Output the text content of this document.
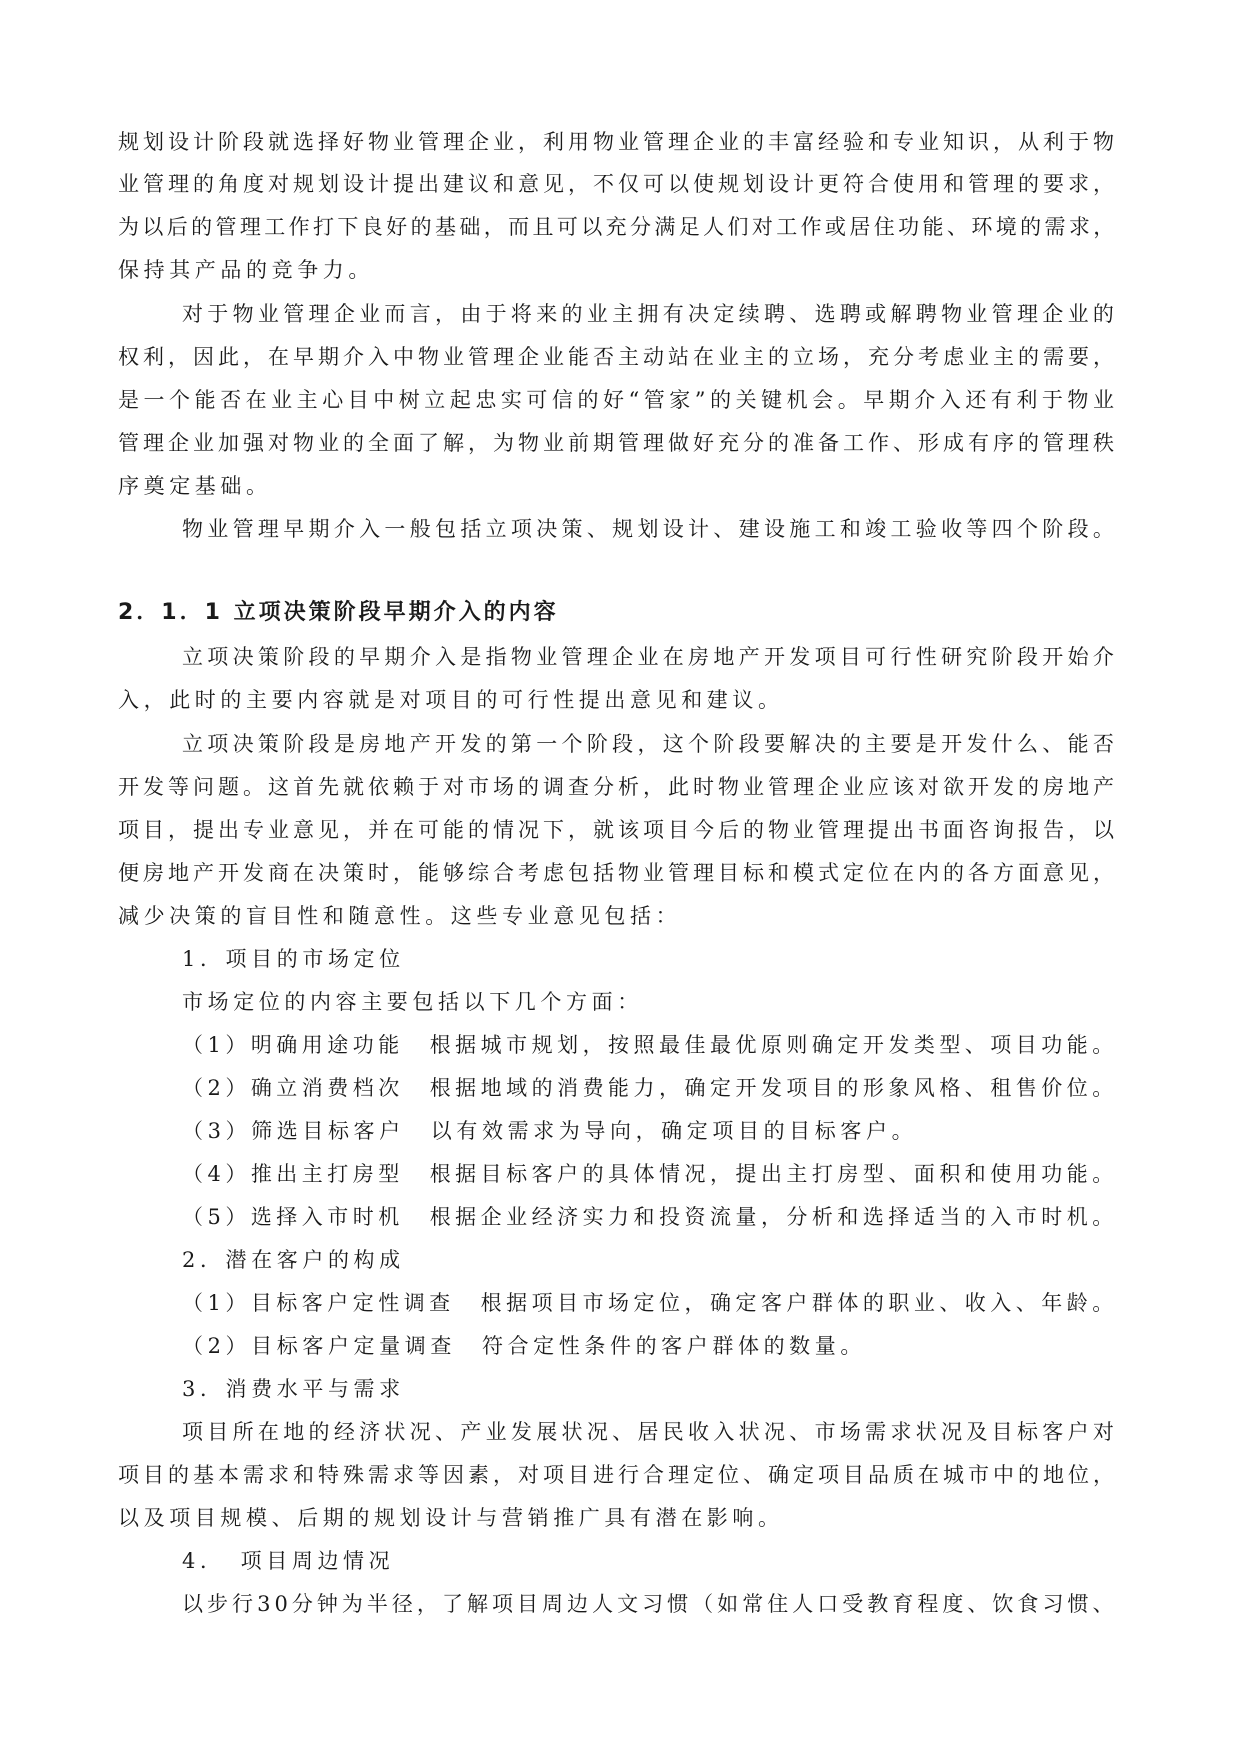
规划设计阶段就选择好物业管理企业，利用物业管理企业的丰富经验和专业知识，从利于物
业管理的角度对规划设计提出建议和意见，不仅可以使规划设计更符合使用和管理的要求，
为以后的管理工作打下良好的基础，而且可以充分满足人们对工作或居住功能、环境的需求，
保持其产品的竞争力。
对于物业管理企业而言，由于将来的业主拥有决定续聘、选聘或解聘物业管理企业的
权利，因此，在早期介入中物业管理企业能否主动站在业主的立场，充分考虑业主的需要，
是一个能否在业主心目中树立起忠实可信的好“管家”的关键机会。早期介入还有利于物业
管理企业加强对物业的全面了解，为物业前期管理做好充分的准备工作、形成有序的管理秩
序奠定基础。
物业管理早期介入一般包括立项决策、规划设计、建设施工和竣工验收等四个阶段。
2．1．1 立项决策阶段早期介入的内容
立项决策阶段的早期介入是指物业管理企业在房地产开发项目可行性研究阶段开始介
入，此时的主要内容就是对项目的可行性提出意见和建议。
立项决策阶段是房地产开发的第一个阶段，这个阶段要解决的主要是开发什么、能否
开发等问题。这首先就依赖于对市场的调查分析，此时物业管理企业应该对欲开发的房地产
项目，提出专业意见，并在可能的情况下，就该项目今后的物业管理提出书面咨询报告，以
便房地产开发商在决策时，能够综合考虑包括物业管理目标和模式定位在内的各方面意见，
减少决策的盲目性和随意性。这些专业意见包括：
1．项目的市场定位
市场定位的内容主要包括以下几个方面：
（1）明确用途功能 根据城市规划，按照最佳最优原则确定开发类型、项目功能。
（2）确立消费档次 根据地域的消费能力，确定开发项目的形象风格、租售价位。
（3）筛选目标客户 以有效需求为导向，确定项目的目标客户。
（4）推出主打房型 根据目标客户的具体情况，提出主打房型、面积和使用功能。
（5）选择入市时机 根据企业经济实力和投资流量，分析和选择适当的入市时机。
2．潜在客户的构成
（1）目标客户定性调查 根据项目市场定位，确定客户群体的职业、收入、年龄。
（2）目标客户定量调查 符合定性条件的客户群体的数量。
3．消费水平与需求
项目所在地的经济状况、产业发展状况、居民收入状况、市场需求状况及目标客户对
项目的基本需求和特殊需求等因素，对项目进行合理定位、确定项目品质在城市中的地位，
以及项目规模、后期的规划设计与营销推广具有潜在影响。
4．　项目周边情况
以步行30分钟为半径，了解项目周边人文习惯（如常住人口受教育程度、饮食习惯、
